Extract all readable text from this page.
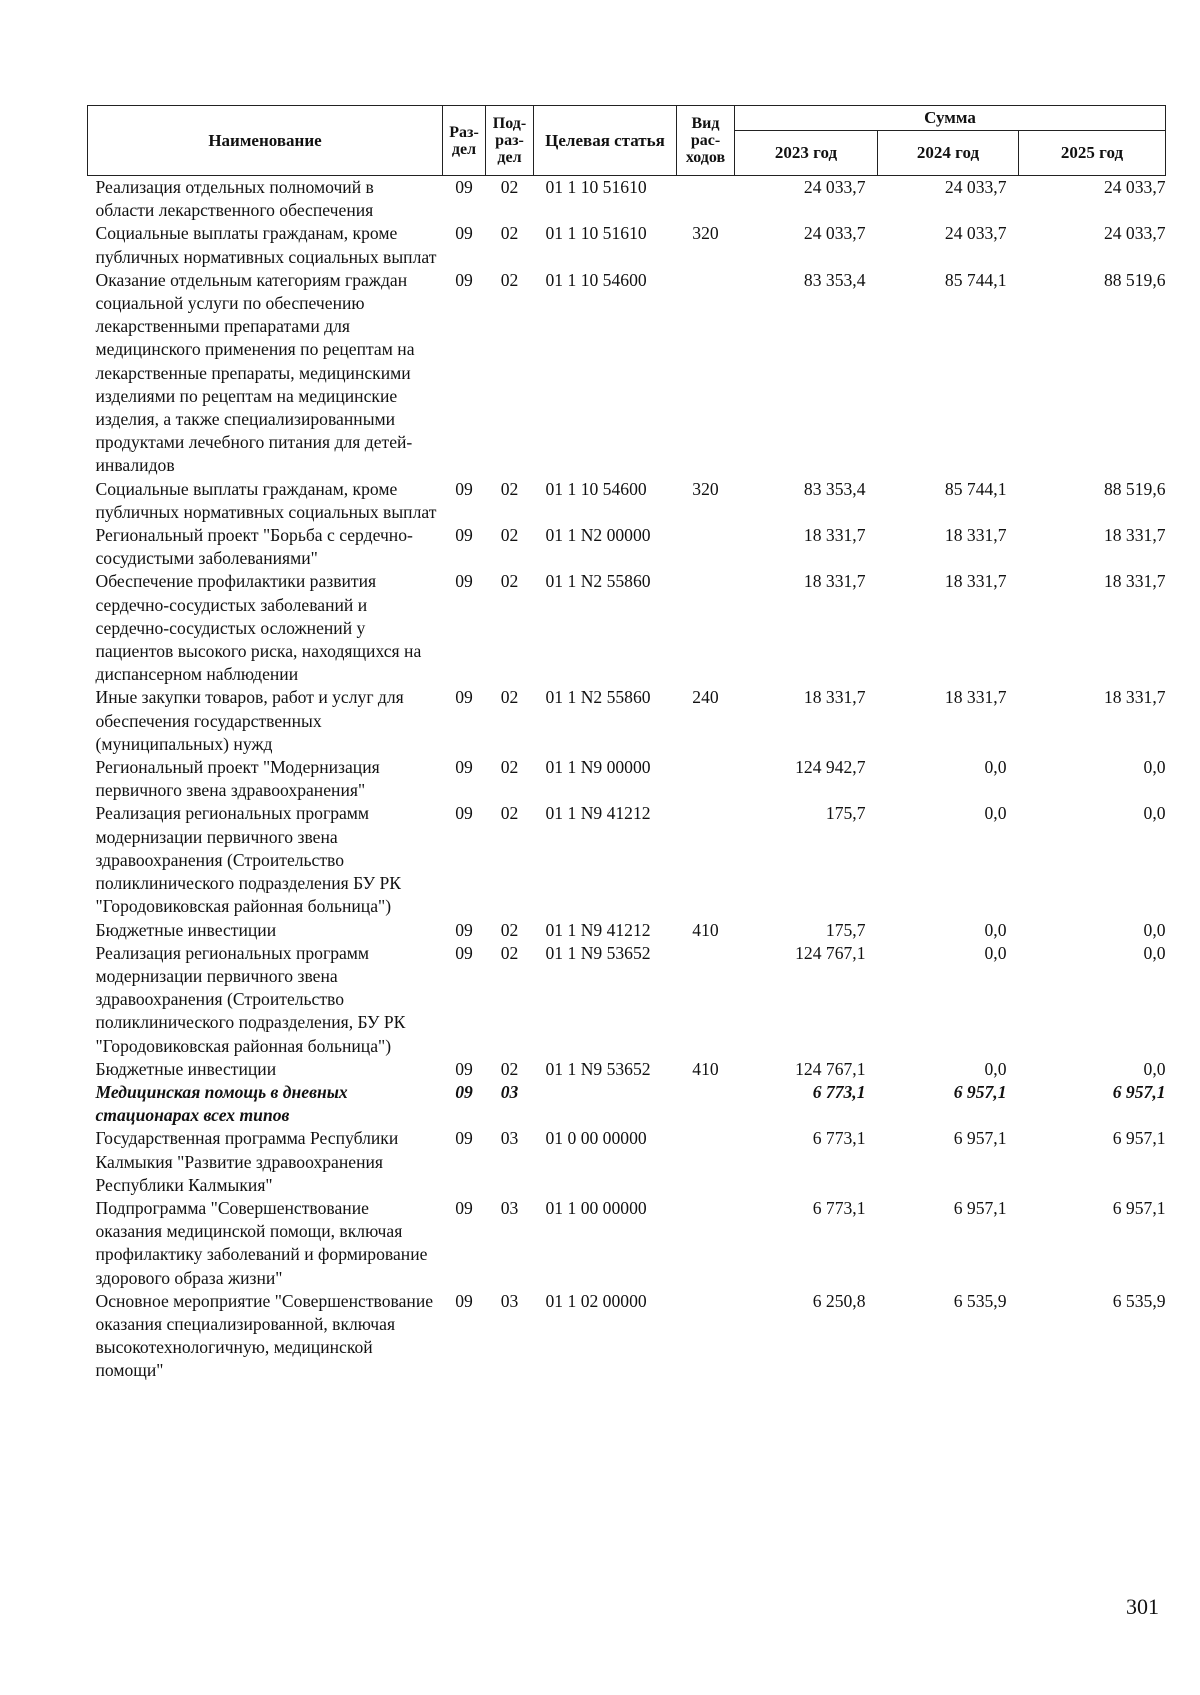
Наименование	Раз-дел	Под-раз-дел	Целевая статья	Вид рас-ходов	Сумма		
					2023 год	2024 год	2025 год
Реализация отдельных полномочий в области лекарственного обеспечения	09	02	01 1 10 51610		24 033,7	24 033,7	24 033,7
Социальные выплаты гражданам, кроме публичных нормативных социальных выплат	09	02	01 1 10 51610	320	24 033,7	24 033,7	24 033,7
Оказание отдельным категориям граждан социальной услуги по обеспечению лекарственными препаратами для медицинского применения по рецептам на лекарственные препараты, медицинскими изделиями по рецептам на медицинские изделия, а также специализированными продуктами лечебного питания для детей-инвалидов	09	02	01 1 10 54600		83 353,4	85 744,1	88 519,6
Социальные выплаты гражданам, кроме публичных нормативных социальных выплат	09	02	01 1 10 54600	320	83 353,4	85 744,1	88 519,6
Региональный проект "Борьба с сердечно-сосудистыми заболеваниями"	09	02	01 1 N2 00000		18 331,7	18 331,7	18 331,7
Обеспечение профилактики развития сердечно-сосудистых заболеваний и сердечно-сосудистых осложнений у пациентов высокого риска, находящихся на диспансерном наблюдении	09	02	01 1 N2 55860		18 331,7	18 331,7	18 331,7
Иные закупки товаров, работ и услуг для обеспечения государственных (муниципальных) нужд	09	02	01 1 N2 55860	240	18 331,7	18 331,7	18 331,7
Региональный проект "Модернизация первичного звена здравоохранения"	09	02	01 1 N9 00000		124 942,7	0,0	0,0
Реализация региональных программ модернизации первичного звена здравоохранения (Строительство поликлинического подразделения БУ РК "Городовиковская районная больница")	09	02	01 1 N9 41212		175,7	0,0	0,0
Бюджетные инвестиции	09	02	01 1 N9 41212	410	175,7	0,0	0,0
Реализация региональных программ модернизации первичного звена здравоохранения (Строительство поликлинического подразделения, БУ РК "Городовиковская районная больница")	09	02	01 1 N9 53652		124 767,1	0,0	0,0
Бюджетные инвестиции	09	02	01 1 N9 53652	410	124 767,1	0,0	0,0
Медицинская помощь в дневных стационарах всех типов	09	03			6 773,1	6 957,1	6 957,1
Государственная программа Республики Калмыкия "Развитие здравоохранения Республики Калмыкия"	09	03	01 0 00 00000		6 773,1	6 957,1	6 957,1
Подпрограмма "Совершенствование оказания медицинской помощи, включая профилактику заболеваний и формирование здорового образа жизни"	09	03	01 1 00 00000		6 773,1	6 957,1	6 957,1
Основное мероприятие "Совершенствование оказания специализированной, включая высокотехнологичную, медицинской помощи"	09	03	01 1 02 00000		6 250,8	6 535,9	6 535,9
301
